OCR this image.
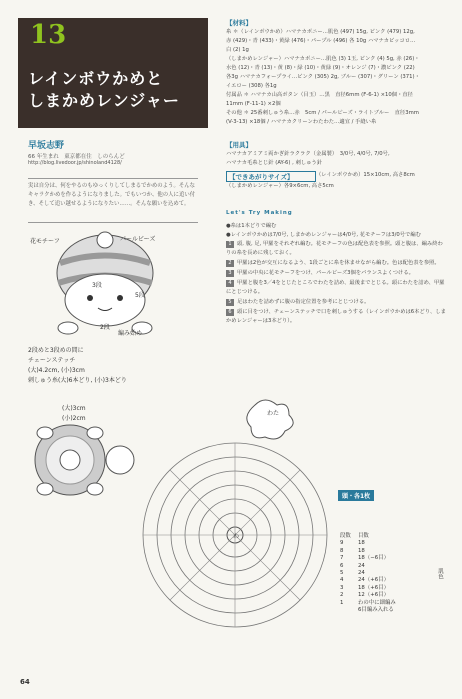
13
レインボウかめと
しまかめレンジャー
早坂志野
66 年生まれ　東京都在住　しのらんど
http://blog.livedoor.jp/shinoland4128/
実は自分は、何をやるのもゆっくりしてしまるでかめのよう。そんなキャラクかめを作るようになりました。でもいつか、他の人に追い付き、そして追い越せるようになりたい……。そんな願いを込めて。
【材料】
糸 ＊（レインボウかめ）ハマナカボニー…肌色 (497) 15g, ピンク (479) 12g,
赤 (429)・青 (433)・黄緑 (476)・パープル (496) 各 10g ハマナカピッコロ…
白 (2) 1g
（しまかめレンジャー）ハマナカボニー…肌色 (3) 1玉, ピンク (4) 5g, 赤 (26)・
水色 (12)・青 (13)・黄 (8)・緑 (10)・黄緑 (9)・オレンジ (7)・濃ピンク (22)
各3g ハマナカフォープライ…ピンク (305) 2g, ブルー (307)・グリーン (371)・
イエロー (308) 各1g
付属品 ＊ ハマナカ山高ボタン（目玉）…黒　直径6mm (F-6-1) ×10個・直径
11mm (F-11-1) ×2個
その他 ＊ 25番刺しゅう糸…赤　5cm / パールビーズ・ライトブルー　直径3mm
(V-3-13) ×18個 / ハマナカクリーンわたわた…適宜 / 手縫い糸
【用具】
ハマナカアミアミ両かぎ針ラクラク（金属製）　3/0号, 4/0号, 7/0号,
ハマナカ毛糸とじ針 (AY-6) , 刺しゅう針
【できあがりサイズ】	（レインボウかめ）15×10cm, 高さ8cm
（しまかめレンジャー）各9×6cm, 高さ5cm
Let's Try Making
●糸は1本どりで編む
●レインボウかめは7/0号, しまかめレンジャーは4/0号, 花モチーフは3/0号で編む
1 頭, 腹, 足, 甲羅をそれぞれ編む。花モチーフの色は配色表を参照。頭と腹は、編み終わりの糸を長めに残しておく。
2 甲羅は2色が交互になるよう、1段ごとに糸を休ませながら編む。色は配色表を参照。
3 甲羅の中央に花モチーフをつけ、パールビーズ3個をバランスよくつける。
4 甲羅と腹を3／4をとじたところでわたを詰め、最後までとじる。頭にわたを詰め、甲羅にとじつける。
5 足はわたを詰めずに腹の指定位置を参考にとじつける。
6 頭に目をつけ、チェーンステッチで口を刺しゅうする（レインボウかめは6本どり、しまかめレンジャーは3本どり）。
花モチーフ	パールビーズ
3段
5段
2段
編み始め
2段めと3段めの間に
チェーンステッチ
(大)4.2cm, (小)3cm
刺しゅう糸(大)6本どり, (小)3本どり
(大)3cm
(小)2cm
わた
わ
頭・各1枚
段数 目数
9	18
8	18
7	18（−6目）
6	24
5	24
4	24（+6目）
3	18（+6目）
2	12（+6目）
1	わの中に細編み
6目編み入れる
肌色
64
